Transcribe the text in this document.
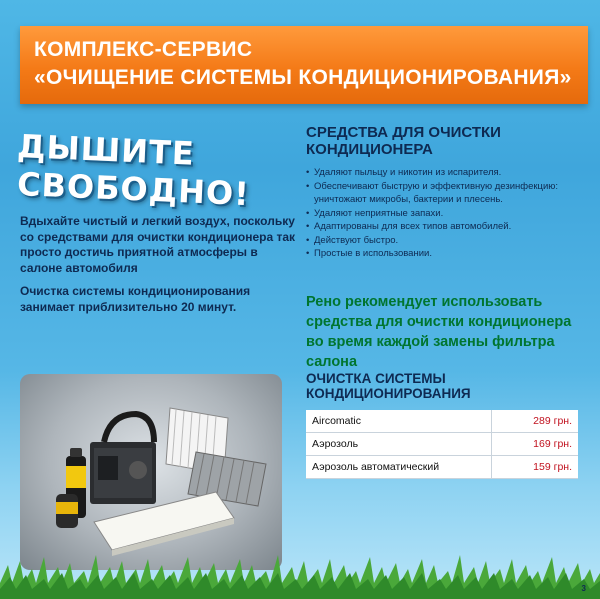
КОМПЛЕКС-СЕРВИС
«ОЧИЩЕНИЕ СИСТЕМЫ КОНДИЦИОНИРОВАНИЯ»
ДЫШИТЕ
СВОБОДНО!

Вдыхайте чистый и легкий воздух, поскольку со средствами для очистки кондиционера так просто достичь приятной атмосферы в салоне автомобиля

Очистка системы кондиционирования занимает приблизительно 20 минут.

СРЕДСТВА ДЛЯ ОЧИСТКИ
КОНДИЦИОНЕРА
• Удаляют пыльцу и никотин из испарителя.
• Обеспечивают быструю и эффективную дезинфекцию: уничтожают микробы, бактерии и плесень.
• Удаляют неприятные запахи.
• Адаптированы для всех типов автомобилей.
• Действуют быстро.
• Простые в использовании.
Рено рекомендует использовать средства для очистки кондиционера во время каждой замены фильтра салона
ОЧИСТКА СИСТЕМЫ
КОНДИЦИОНИРОВАНИЯ
Aircomatic	289 грн.
Аэрозоль	169 грн.
Аэрозоль автоматический	159 грн.
3
